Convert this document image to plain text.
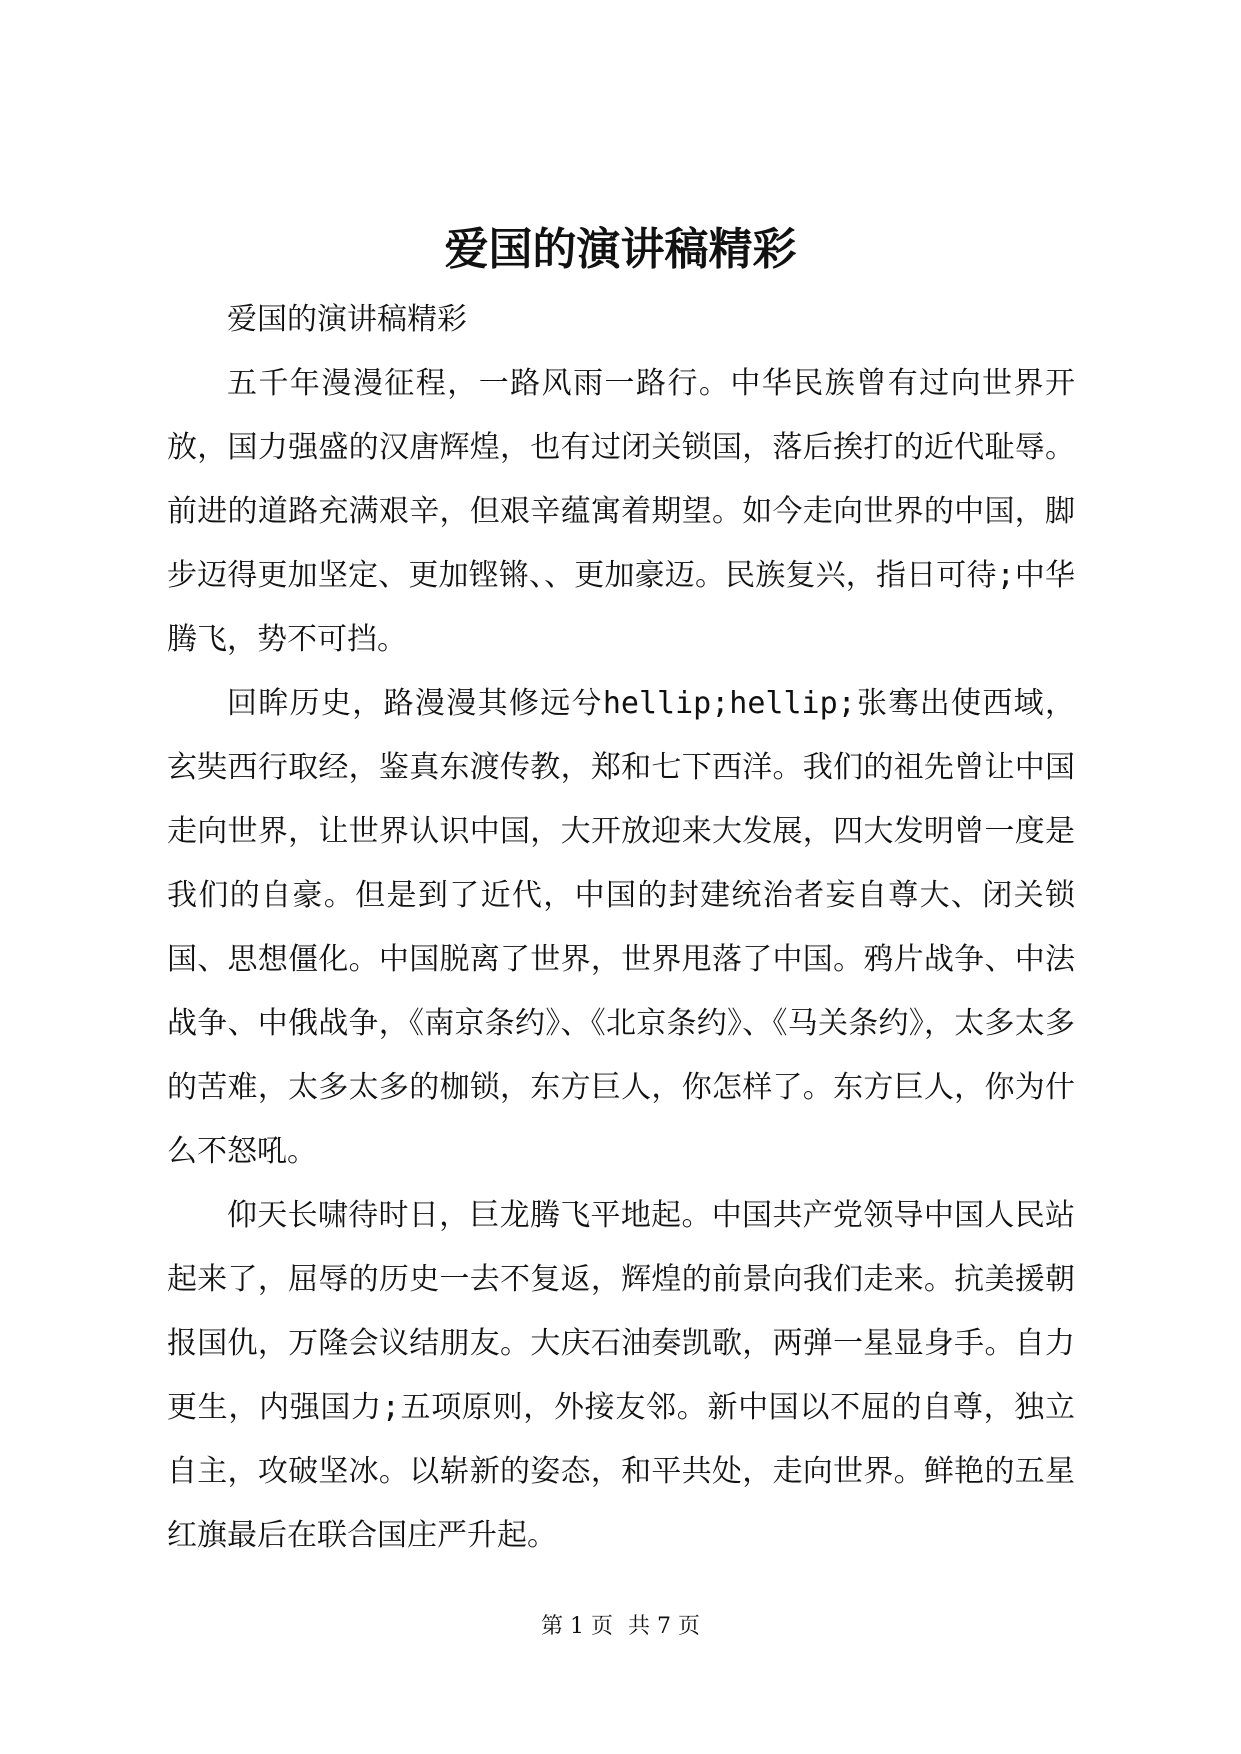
爱国的演讲稿精彩

爱国的演讲稿精彩

五千年漫漫征程，一路风雨一路行。中华民族曾有过向世界开放，国力强盛的汉唐辉煌，也有过闭关锁国，落后挨打的近代耻辱。前进的道路充满艰辛，但艰辛蕴寓着期望。如今走向世界的中国，脚步迈得更加坚定、更加铿锵、、更加豪迈。民族复兴，指日可待;中华腾飞，势不可挡。

回眸历史，路漫漫其修远兮hellip;hellip;张骞出使西域，玄奘西行取经，鉴真东渡传教，郑和七下西洋。我们的祖先曾让中国走向世界，让世界认识中国，大开放迎来大发展，四大发明曾一度是我们的自豪。但是到了近代，中国的封建统治者妄自尊大、闭关锁国、思想僵化。中国脱离了世界，世界甩落了中国。鸦片战争、中法战争、中俄战争，《南京条约》、《北京条约》、《马关条约》，太多太多的苦难，太多太多的枷锁，东方巨人，你怎样了。东方巨人，你为什么不怒吼。

仰天长啸待时日，巨龙腾飞平地起。中国共产党领导中国人民站起来了，屈辱的历史一去不复返，辉煌的前景向我们走来。抗美援朝报国仇，万隆会议结朋友。大庆石油奏凯歌，两弹一星显身手。自力更生，内强国力;五项原则，外接友邻。新中国以不屈的自尊，独立自主，攻破坚冰。以崭新的姿态，和平共处，走向世界。鲜艳的五星红旗最后在联合国庄严升起。

第 1 页 共 7 页
